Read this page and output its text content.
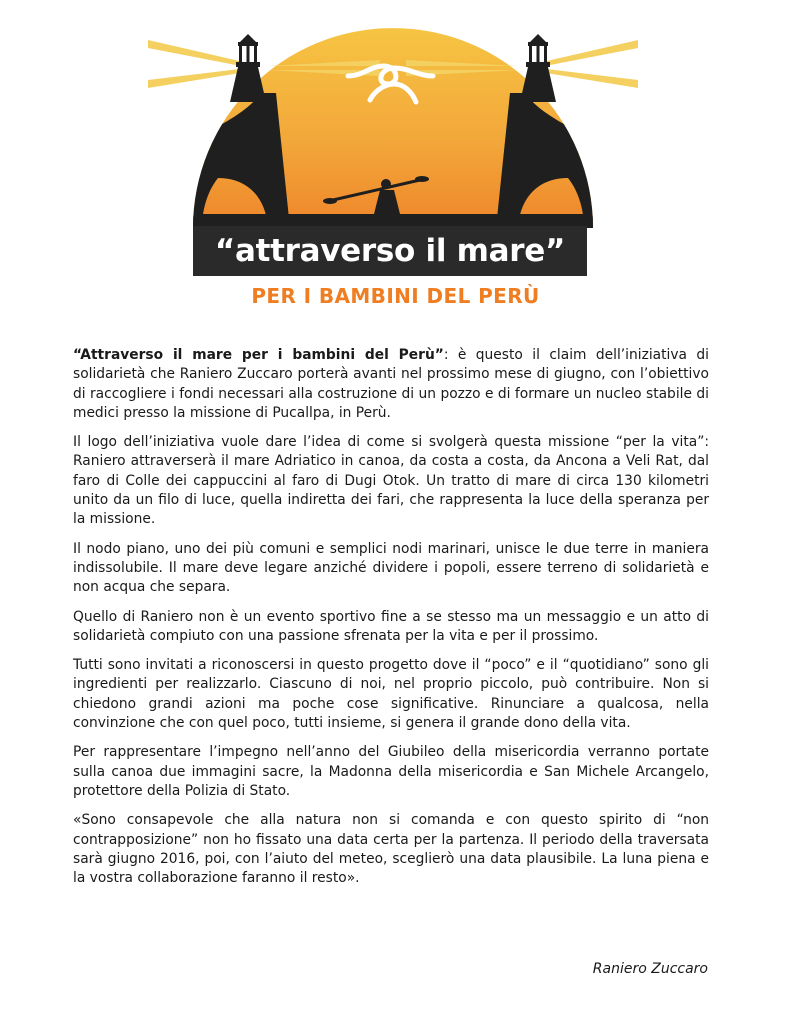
“attraverso il mare”
PER I BAMBINI DEL PERÙ

“Attraverso il mare per i bambini del Perù”: è questo il claim dell’iniziativa di solidarietà che Raniero Zuccaro porterà avanti nel prossimo mese di giugno, con l’obiettivo di raccogliere i fondi necessari alla costruzione di un pozzo e di formare un nucleo stabile di medici presso la missione di Pucallpa, in Perù.

Il logo dell’iniziativa vuole dare l’idea di come si svolgerà questa missione “per la vita”: Raniero attraverserà il mare Adriatico in canoa, da costa a costa, da Ancona a Veli Rat, dal faro di Colle dei cappuccini al faro di Dugi Otok. Un tratto di mare di circa 130 kilometri unito da un filo di luce, quella indiretta dei fari, che rappresenta la luce della speranza per la missione.

Il nodo piano, uno dei più comuni e semplici nodi marinari, unisce le due terre in maniera indissolubile. Il mare deve legare anziché dividere i popoli, essere terreno di solidarietà e non acqua che separa.

Quello di Raniero non è un evento sportivo fine a se stesso ma un messaggio e un atto di solidarietà compiuto con una passione sfrenata per la vita e per il prossimo.

Tutti sono invitati a riconoscersi in questo progetto dove il “poco” e il “quotidiano” sono gli ingredienti per realizzarlo. Ciascuno di noi, nel proprio piccolo, può contribuire. Non si chiedono grandi azioni ma poche cose significative. Rinunciare a qualcosa, nella convinzione che con quel poco, tutti insieme, si genera il grande dono della vita.

Per rappresentare l’impegno nell’anno del Giubileo della misericordia verranno portate sulla canoa due immagini sacre, la Madonna della misericordia e San Michele Arcangelo, protettore della Polizia di Stato.

«Sono consapevole che alla natura non si comanda e con questo spirito di “non contrapposizione” non ho fissato una data certa per la partenza. Il periodo della traversata sarà giugno 2016, poi, con l’aiuto del meteo, sceglierò una data plausibile. La luna piena e la vostra collaborazione faranno il resto».

Raniero Zuccaro
